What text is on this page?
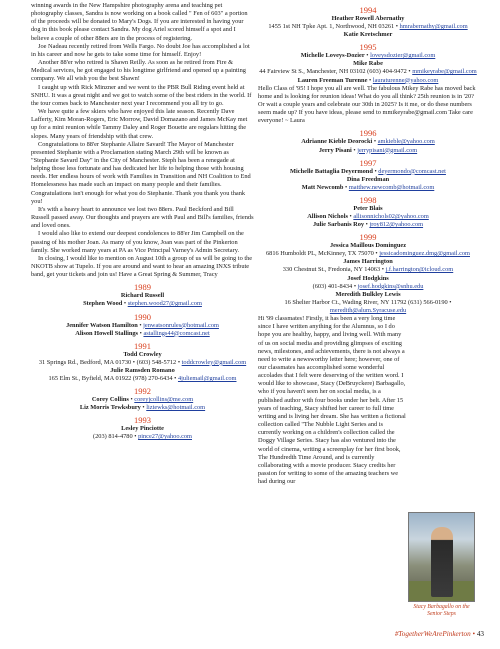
winning awards in the New Hampshire photography arena and teaching pet photography classes, Sandra is now working on a book called " Fen of 603" a portion of the proceeds will be donated to Mary's Dogs. If you are interested in having your dog in this book please contact Sandra. My dog Ariel scored himself a spot and I believe a couple of other 88ers are in the process of registering.

Joe Nadeau recently retired from Wells Fargo. No doubt Joe has accomplished a lot in his career and now he gets to take some time for himself. Enjoy!

Another 88'er who retired is Shawn Reilly. As soon as he retired from Fire & Medical services, he got engaged to his longtime girlfriend and opened up a painting company. We all wish you the best Shawn!

I caught up with Rick Minzner and we went to the PBR Bull Riding event held at SNHU. It was a great night and we got to watch some of the best riders in the world. If the tour comes back to Manchester next year I recommend you all try to go.

We have quite a few skiers who have enjoyed this late season. Recently Dave Lafferty, Kim Moran-Rogers, Eric Morrow, David Domazano and James McKay met up for a mini reunion while Tammy Daley and Roger Bouette are regulars hitting the slopes. Many years of friendship with that crew.

Congratulations to 88'er Stephanie Allaire Savard! The Mayor of Manchester presented Stephanie with a Proclamation stating March 29th will be known as "Stephanie Savard Day" in the City of Manchester. Steph has been a renegade at helping those less fortunate and has dedicated her life to helping those with housing needs. Her endless hours of work with Families in Transition and NH Coalition to End Homelessness has made such an impact on many people and their families. Congratulations isn't enough for what you do Stephanie. Thank you thank you thank you!

It's with a heavy heart to announce we lost two 88ers. Paul Beckford and Bill Russell passed away. Our thoughts and prayers are with Paul and Bill's families, friends and loved ones.

I would also like to extend our deepest condolences to 88'er Jim Campbell on the passing of his mother Joan. As many of you know, Joan was part of the Pinkerton family. She worked many years at PA as Vice Principal Varney's Admin Secretary.

In closing, I would like to mention on August 10th a group of us will be going to the NKOTB show at Tupelo. If you are around and want to hear an amazing INXS tribute band, get your tickets and join us! Have a Great Spring & Summer, Tracy

1989
Richard Russell
Stephen Wood • stephen.wood27@gmail.com
1990
Jennifer Watson Hamilton • jenwatsonrules@hotmail.com
Alison Howell Stallings • astallings44@comcast.net
1991
Todd Crowley
31 Springs Rd., Bedford, MA 01730 • (603) 548-5712 • toddcrowley@gmail.com
Julie Ramsden Romano
165 Elm St., Byfield, MA 01922 (978) 270-6434 • 4juliemail@gmail.com
1992
Corey Collins • coreyjcollins@me.com
Liz Morris Tewksbury • liztewks@hotmail.com
1993
Lesley Pinciotte
(203) 814-4780 • pince27@yahoo.com
1994
Heather Rowell Abernathy
1455 1st NH Tpke Apt. 1, Northwood, NH 03261 • hmrabernathy@gmail.com
Katie Kretschmer
1995
Michelle Loveys-Dozier • loveysdozier@gmail.com
Mike Rabe
44 Fairview St S., Manchester, NH 03102 (603) 404-9472 • mmikeyrabe@gmail.com
Lauren Freeman Turenne • lauraturenne@yahoo.com

Hello Class of '95! I hope you all are well. The fabulous Mikey Rabe has moved back home and is looking for reunion ideas! What do you all think? 25th reunion is in '20? Or wait a couple years and celebrate our 30th in 2025? Is it me, or do these numbers seem made up? If you have ideas, please send to mmikeyrabe@gmail.com Take care everyone! ~ Laura

1996
Adrianne Kieble Deorocki • amkieble@yahoo.com
Jerry Pisani • jerrypisani@gmail.com
1997
Michelle Battaglia Deyermond • deyermondo@comcast.net
Dina Freedman
Matt Newcomb • matthew.newcomb@hotmail.com
1998
Peter Blais
Allison Nichols • allisonnichols02@yahoo.com
Julie Sarbanis Roy • jroy812@yahoo.com
1999
Jessica Maillous Dominguez
6816 Humboldt PL, McKinney, TX 75070 • jessicadominguez.dmg@gmail.com
James Harrington
330 Chestnut St., Fredonia, NY 14063 • j.f.harrington@icloud.com
Josef Hodgkins
(603) 401-8434 • josef.hodgkins@snhu.edu
Meredith Bulkley Lewis
16 Shelter Harbor Ct., Wading River, NY 11792 (631) 566-0190 • meredith@alum.Syracuse.edu

Hi '99 classmates! Firstly, it has been a very long time since I have written anything for the Alumnus, so I do hope you are healthy, happy, and living well. With many of us on social media and providing glimpses of exciting news, milestones, and achievements, there is not always a need to write a newsworthy letter here; however, one of our classmates has accomplished some wonderful accolades that I felt were deserving of the written word. I would like to showcase, Stacy (DeBruyckere) Barbagallo, who if you haven't seen her on social media, is a published author with four books under her belt. After 15 years of teaching, Stacy shifted her career to full time writing and is living her dream. She has written a fictional collection called "The Nubble Light Series and is currently working on a children's collection called the Doggy Village Series. Stacy has also ventured into the world of cinema, writing a screenplay for her first book, The Hundredth Time Around, and is currently collaborating with a movie producer. Stacy credits her passion for writing to some of the amazing teachers we had during our

Stacy Barbagallo on the Senior Steps
#TogetherWeArePinkerton • 43
